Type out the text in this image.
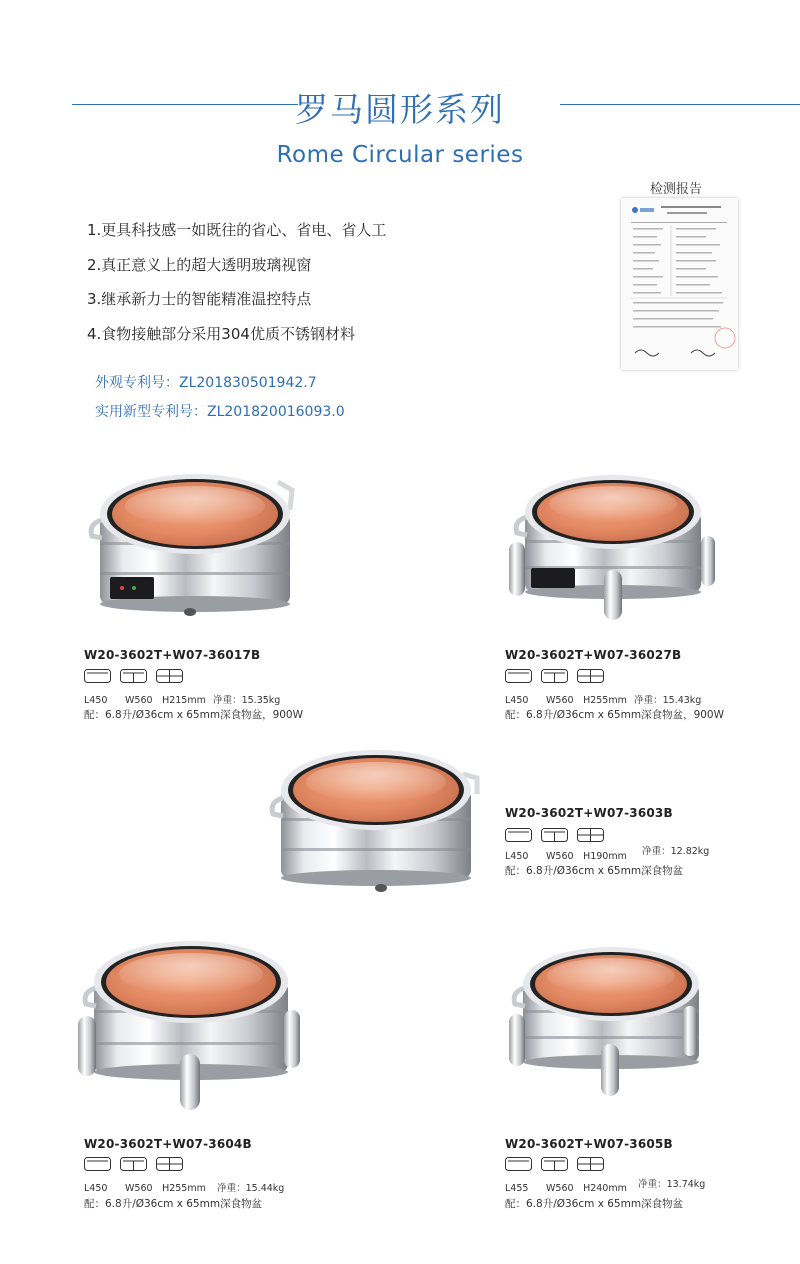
罗马圆形系列
Rome Circular series
1.更具科技感一如既往的省心、省电、省人工
2.真正意义上的超大透明玻璃视窗
3.继承新力士的智能精准温控特点
4.食物接触部分采用304优质不锈钢材料
外观专利号：ZL201830501942.7
实用新型专利号：ZL201820016093.0
检测报告
W20-3602T+W07-36017B
L450 W560 H215mm 净重：15.35kg
配：6.8升/Ø36cm x 65mm深食物盆，900W
W20-3602T+W07-36027B
L450 W560 H255mm 净重：15.43kg
配：6.8升/Ø36cm x 65mm深食物盆，900W
W20-3602T+W07-3603B
L450 W560 H190mm 净重：12.82kg
配：6.8升/Ø36cm x 65mm深食物盆
W20-3602T+W07-3604B
L450 W560 H255mm 净重：15.44kg
配：6.8升/Ø36cm x 65mm深食物盆
W20-3602T+W07-3605B
L455 W560 H240mm 净重：13.74kg
配：6.8升/Ø36cm x 65mm深食物盆
